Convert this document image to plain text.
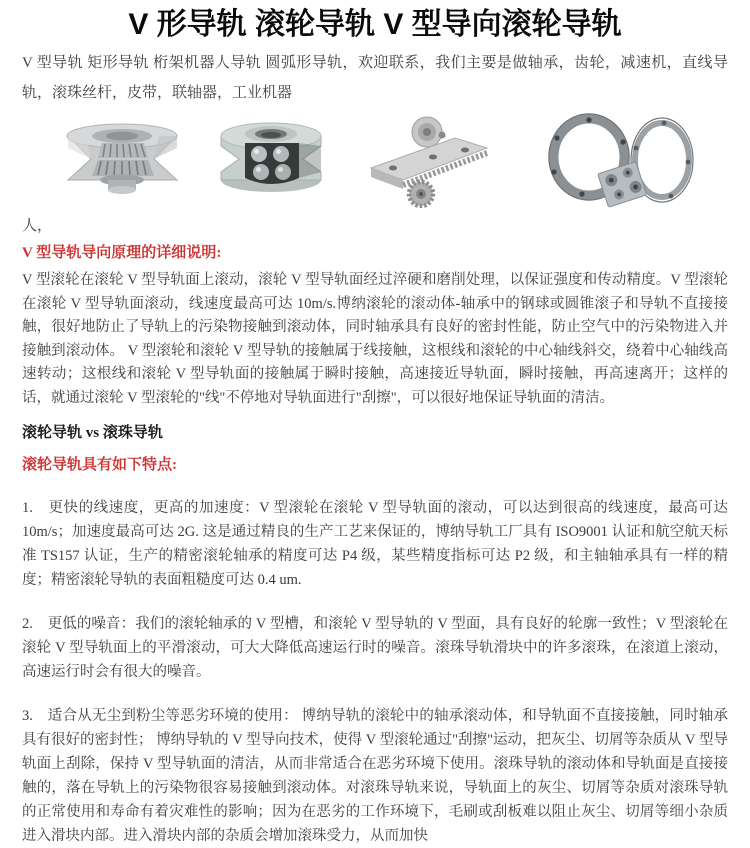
V 形导轨 滚轮导轨 V 型导向滚轮导轨

V 型导轨 矩形导轨 桁架机器人导轨 圆弧形导轨，欢迎联系，我们主要是做轴承，齿轮，减速机，直线导轨，滚珠丝杆，皮带，联轴器，工业机器

人，

V 型导轨导向原理的详细说明:

V 型滚轮在滚轮 V 型导轨面上滚动，滚轮 V 型导轨面经过淬硬和磨削处理，以保证强度和传动精度。V 型滚轮在滚轮 V 型导轨面滚动，线速度最高可达 10m/s.博纳滚轮的滚动体-轴承中的钢球或圆锥滚子和导轨不直接接触，很好地防止了导轨上的污染物接触到滚动体，同时轴承具有良好的密封性能，防止空气中的污染物进入并接触到滚动体。 V 型滚轮和滚轮 V 型导轨的接触属于线接触，这根线和滚轮的中心轴线斜交，绕着中心轴线高速转动；这根线和滚轮 V 型导轨面的接触属于瞬时接触，高速接近导轨面，瞬时接触，再高速离开；这样的话，就通过滚轮 V 型滚轮的"线"不停地对导轨面进行"刮擦"，可以很好地保证导轨面的清洁。

滚轮导轨 vs 滚珠导轨

滚轮导轨具有如下特点:

1.　更快的线速度，更高的加速度：V 型滚轮在滚轮 V 型导轨面的滚动，可以达到很高的线速度，最高可达 10m/s；加速度最高可达 2G. 这是通过精良的生产工艺来保证的，博纳导轨工厂具有 ISO9001 认证和航空航天标准 TS157 认证，生产的精密滚轮轴承的精度可达 P4 级，某些精度指标可达 P2 级，和主轴轴承具有一样的精度；精密滚轮导轨的表面粗糙度可达 0.4 um.

2.　更低的噪音：我们的滚轮轴承的 V 型槽，和滚轮 V 型导轨的 V 型面，具有良好的轮廓一致性；V 型滚轮在滚轮 V 型导轨面上的平滑滚动，可大大降低高速运行时的噪音。滚珠导轨滑块中的许多滚珠，在滚道上滚动，高速运行时会有很大的噪音。

3.　适合从无尘到粉尘等恶劣环境的使用： 博纳导轨的滚轮中的轴承滚动体，和导轨面不直接接触，同时轴承具有很好的密封性； 博纳导轨的 V 型导向技术，使得 V 型滚轮通过"刮擦"运动，把灰尘、切屑等杂质从 V 型导轨面上刮除，保持 V 型导轨面的清洁，从而非常适合在恶劣环境下使用。滚珠导轨的滚动体和导轨面是直接接触的，落在导轨上的污染物很容易接触到滚动体。对滚珠导轨来说，导轨面上的灰尘、切屑等杂质对滚珠导轨的正常使用和寿命有着灾难性的影响；因为在恶劣的工作环境下，毛刷或刮板难以阻止灰尘、切屑等细小杂质进入滑块内部。进入滑块内部的杂质会增加滚珠受力，从而加快
